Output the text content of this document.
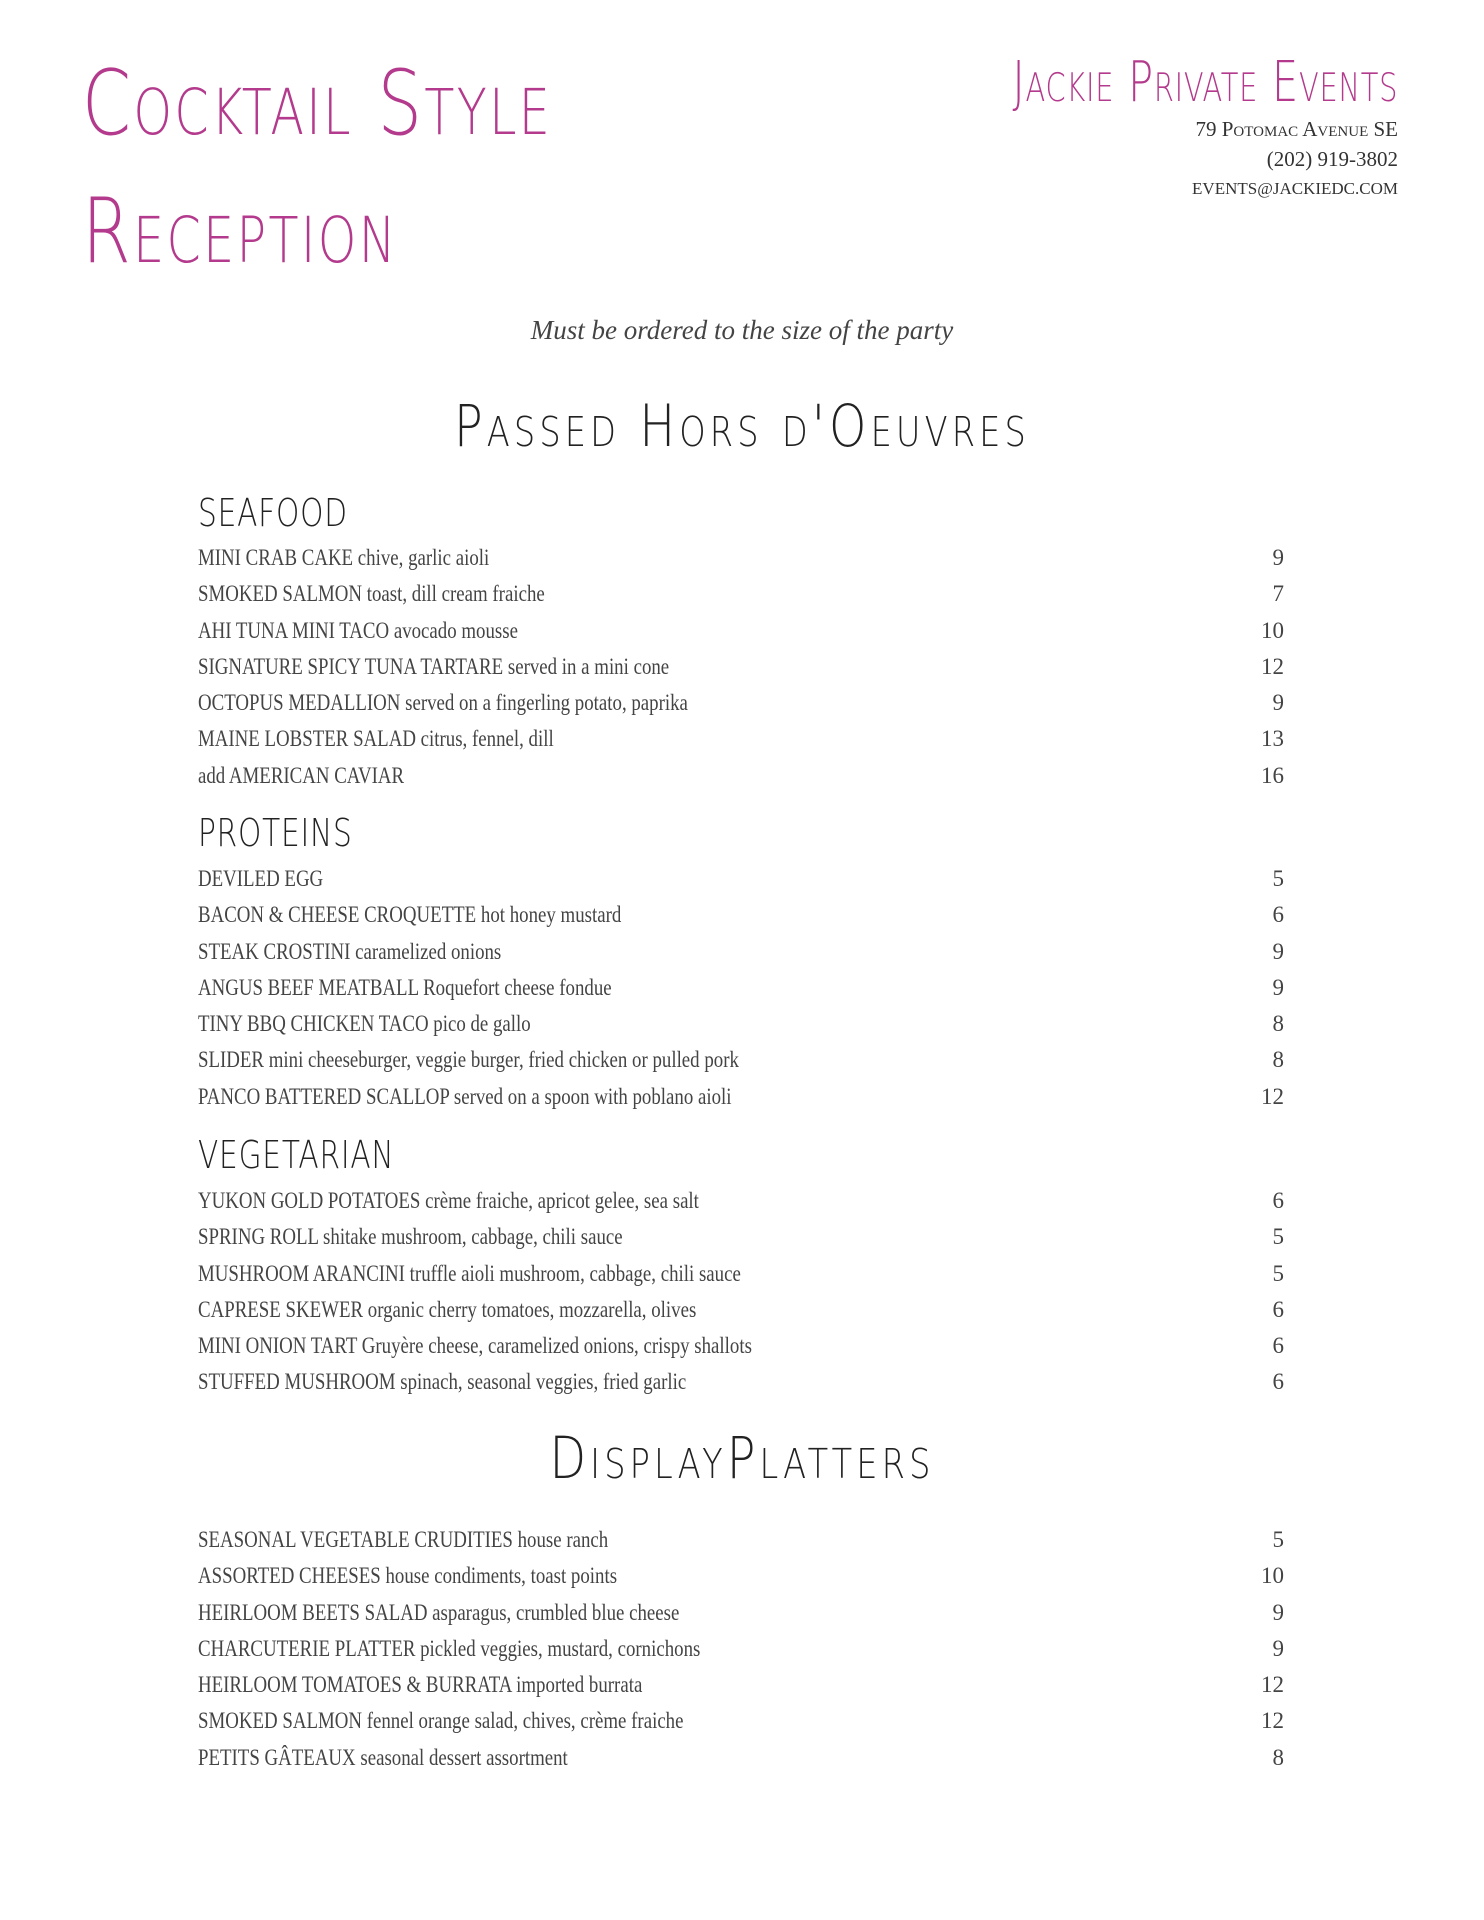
Cocktail Style
Reception
Jackie Private Events
79 Potomac Avenue SE
(202) 919-3802
EVENTS@JACKIEDC.COM
Must be ordered to the size of the party
Passed Hors d'Oeuvres
SEAFOOD
MINI CRAB CAKE chive, garlic aioli	9
SMOKED SALMON toast, dill cream fraiche	7
AHI TUNA MINI TACO avocado mousse	10
SIGNATURE SPICY TUNA TARTARE served in a mini cone	12
OCTOPUS MEDALLION served on a fingerling potato, paprika	9
MAINE LOBSTER SALAD citrus, fennel, dill	13
add AMERICAN CAVIAR	16
PROTEINS
DEVILED EGG	5
BACON & CHEESE CROQUETTE hot honey mustard	6
STEAK CROSTINI caramelized onions	9
ANGUS BEEF MEATBALL Roquefort cheese fondue	9
TINY BBQ CHICKEN TACO pico de gallo	8
SLIDER mini cheeseburger, veggie burger, fried chicken or pulled pork	8
PANCO BATTERED SCALLOP served on a spoon with poblano aioli	12
VEGETARIAN
YUKON GOLD POTATOES crème fraiche, apricot gelee, sea salt	6
SPRING ROLL shitake mushroom, cabbage, chili sauce	5
MUSHROOM ARANCINI truffle aioli mushroom, cabbage, chili sauce	5
CAPRESE SKEWER organic cherry tomatoes, mozzarella, olives	6
MINI ONION TART Gruyère cheese, caramelized onions, crispy shallots	6
STUFFED MUSHROOM spinach, seasonal veggies, fried garlic	6
DisplayPlatters
SEASONAL VEGETABLE CRUDITIES house ranch	5
ASSORTED CHEESES house condiments, toast points	10
HEIRLOOM BEETS SALAD asparagus, crumbled blue cheese	9
CHARCUTERIE PLATTER pickled veggies, mustard, cornichons	9
HEIRLOOM TOMATOES & BURRATA imported burrata	12
SMOKED SALMON fennel orange salad, chives, crème fraiche	12
PETITS GÂTEAUX seasonal dessert assortment	8
